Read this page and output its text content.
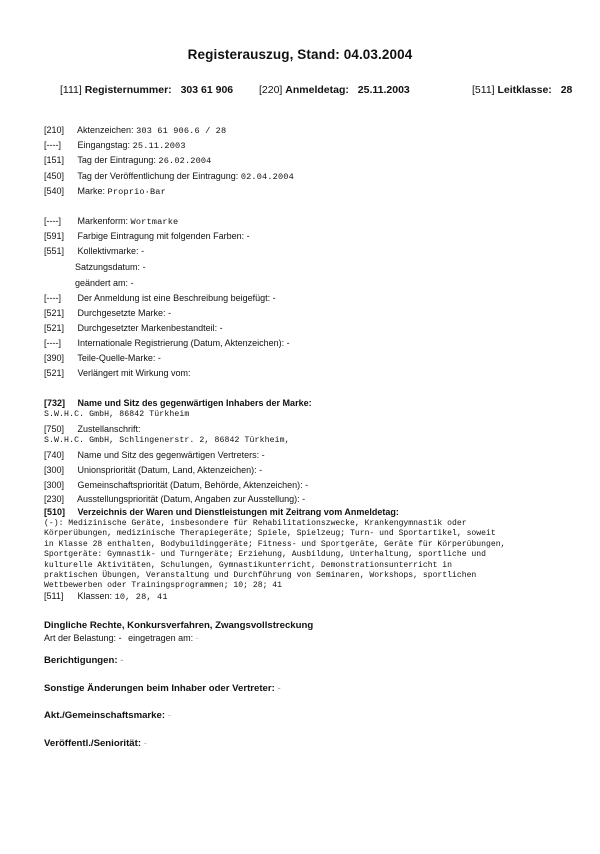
Registerauszug, Stand: 04.03.2004
[111] Registernummer: 303 61 906 [220] Anmeldetag: 25.11.2003	[511] Leitklasse: 28
[210] Aktenzeichen: 303 61 906.6 / 28
[----] Eingangstag: 25.11.2003
[151] Tag der Eintragung: 26.02.2004
[450] Tag der Veröffentlichung der Eintragung: 02.04.2004
[540] Marke: Proprio·Bar
[----] Markenform: Wortmarke
[591] Farbige Eintragung mit folgenden Farben: -
[551] Kollektivmarke: -
Satzungsdatum: -
geändert am: -
[----] Der Anmeldung ist eine Beschreibung beigefügt: -
[521] Durchgesetzte Marke: -
[521] Durchgesetzter Markenbestandteil: -
[----] Internationale Registrierung (Datum, Aktenzeichen): -
[390] Teile-Quelle-Marke: -
[521] Verlängert mit Wirkung vom:
[732] Name und Sitz des gegenwärtigen Inhabers der Marke:
S.W.H.C. GmbH, 86842 Türkheim
[750] Zustellanschrift:
S.W.H.C. GmbH, Schlingenerstr. 2, 86842 Türkheim,
[740] Name und Sitz des gegenwärtigen Vertreters: -
[300] Unionspriorität (Datum, Land, Aktenzeichen): -
[300] Gemeinschaftspriorität (Datum, Behörde, Aktenzeichen): -
[230] Ausstellungspriorität (Datum, Angaben zur Ausstellung): -
[510] Verzeichnis der Waren und Dienstleistungen mit Zeitrang vom Anmeldetag:
(-): Medizinische Geräte, insbesondere für Rehabilitationszwecke, Krankengymnastik oder
Körperübungen, medizinische Therapiegeräte; Spiele, Spielzeug; Turn- und Sportartikel, soweit
in Klasse 28 enthalten, Bodybuildinggeräte; Fitness- und Sportgeräte, Geräte für Körperübungen,
Sportgeräte: Gymnastik- und Turngeräte; Erziehung, Ausbildung, Unterhaltung, sportliche und
kulturelle Aktivitäten, Schulungen, Gymnastikunterricht, Demonstrationsunterricht in
praktischen Übungen, Veranstaltung und Durchführung von Seminaren, Workshops, sportlichen
Wettbewerben oder Trainingsprogrammen; 10; 28; 41
[511] Klassen: 10, 28, 41
Dingliche Rechte, Konkursverfahren, Zwangsvollstreckung
Art der Belastung: - eingetragen am: -
Berichtigungen: -
Sonstige Änderungen beim Inhaber oder Vertreter: -
Akt./Gemeinschaftsmarke: -
Veröffentl./Seniorität: -
